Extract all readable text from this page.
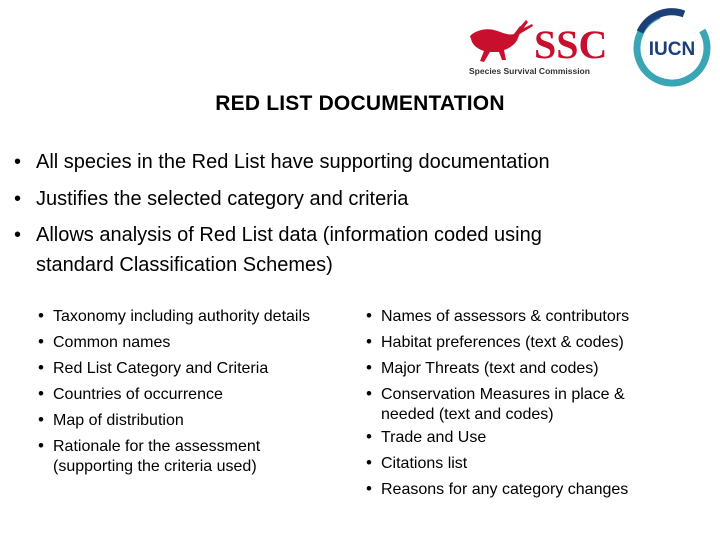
SSC
Species Survival Commission
IUCN
RED LIST DOCUMENTATION
• All species in the Red List have supporting documentation
• Justifies the selected category and criteria
• Allows analysis of Red List data (information coded using
standard Classification Schemes)
• Taxonomy including authority details
• Common names
• Red List Category and Criteria
• Countries of occurrence
• Map of distribution
• Rationale for the assessment
(supporting the criteria used)
• Names of assessors & contributors
• Habitat preferences (text & codes)
• Major Threats (text and codes)
• Conservation Measures in place &
needed (text and codes)
• Trade and Use
• Citations list
• Reasons for any category changes
